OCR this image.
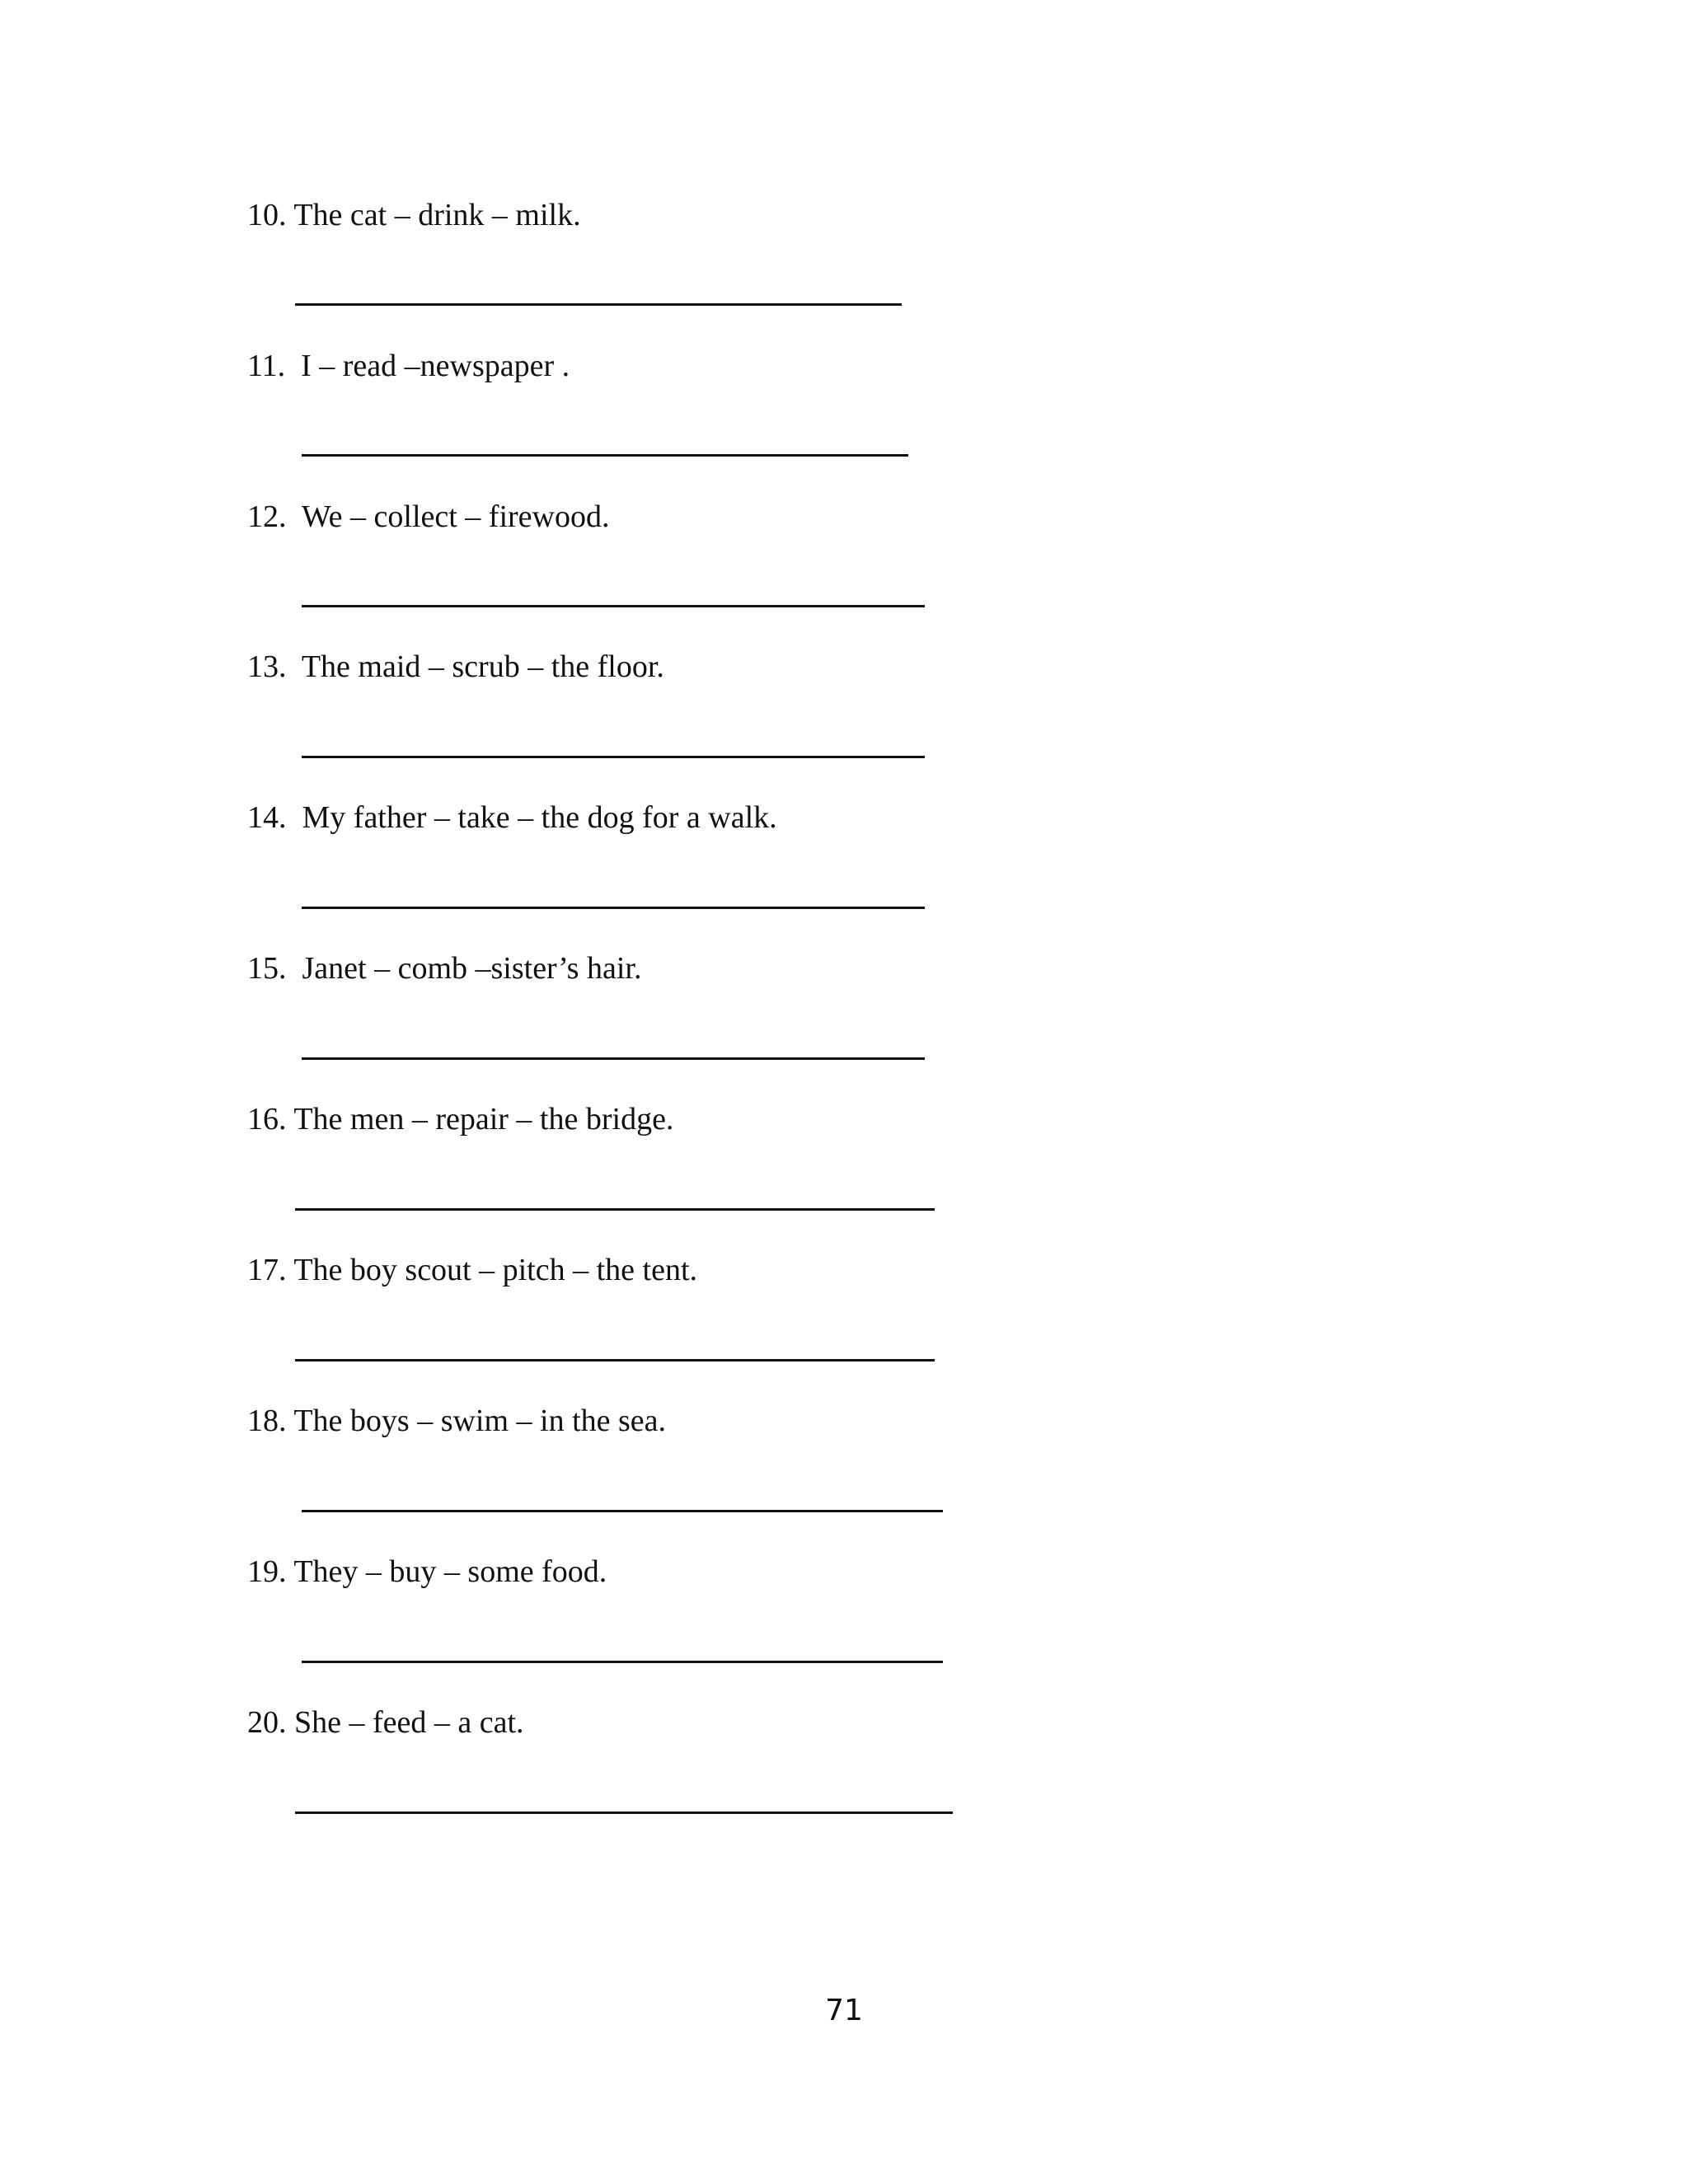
10. The cat – drink – milk.
11. I – read –newspaper .
12. We – collect – firewood.
13. The maid – scrub – the floor.
14. My father – take – the dog for a walk.
15. Janet – comb –sister’s hair.
16. The men – repair – the bridge.
17. The boy scout – pitch – the tent.
18. The boys – swim – in the sea.
19. They – buy – some food.
20. She – feed – a cat.
71
